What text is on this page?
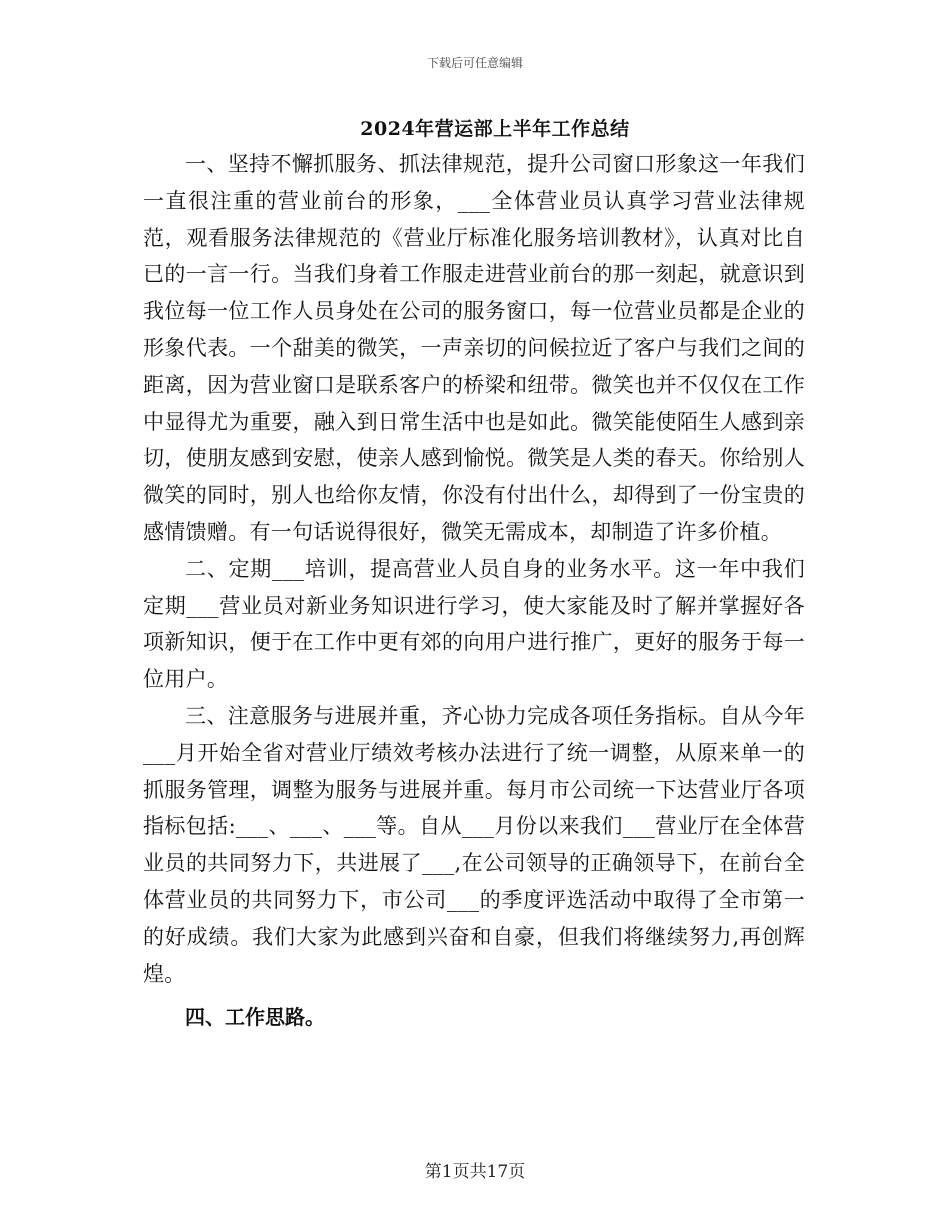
下载后可任意编辑
2024年营运部上半年工作总结

一、坚持不懈抓服务、抓法律规范，提升公司窗口形象这一年我们一直很注重的营业前台的形象，___全体营业员认真学习营业法律规范，观看服务法律规范的《营业厅标准化服务培训教材》，认真对比自已的一言一行。当我们身着工作服走进营业前台的那一刻起，就意识到我位每一位工作人员身处在公司的服务窗口，每一位营业员都是企业的形象代表。一个甜美的微笑，一声亲切的问候拉近了客户与我们之间的距离，因为营业窗口是联系客户的桥梁和纽带。微笑也并不仅仅在工作中显得尤为重要，融入到日常生活中也是如此。微笑能使陌生人感到亲切，使朋友感到安慰，使亲人感到愉悦。微笑是人类的春天。你给别人微笑的同时，别人也给你友情，你没有付出什么，却得到了一份宝贵的感情馈赠。有一句话说得很好，微笑无需成本，却制造了许多价植。

二、定期___培训，提高营业人员自身的业务水平。这一年中我们定期___营业员对新业务知识进行学习，使大家能及时了解并掌握好各项新知识，便于在工作中更有郊的向用户进行推广，更好的服务于每一位用户。

三、注意服务与进展并重，齐心协力完成各项任务指标。自从今年___月开始全省对营业厅绩效考核办法进行了统一调整，从原来单一的抓服务管理，调整为服务与进展并重。每月市公司统一下达营业厅各项指标包括:___、___、___等。自从___月份以来我们___营业厅在全体营业员的共同努力下，共进展了___,在公司领导的正确领导下，在前台全体营业员的共同努力下，市公司___的季度评选活动中取得了全市第一的好成绩。我们大家为此感到兴奋和自豪，但我们将继续努力,再创辉煌。

四、工作思路。

第1页共17页
